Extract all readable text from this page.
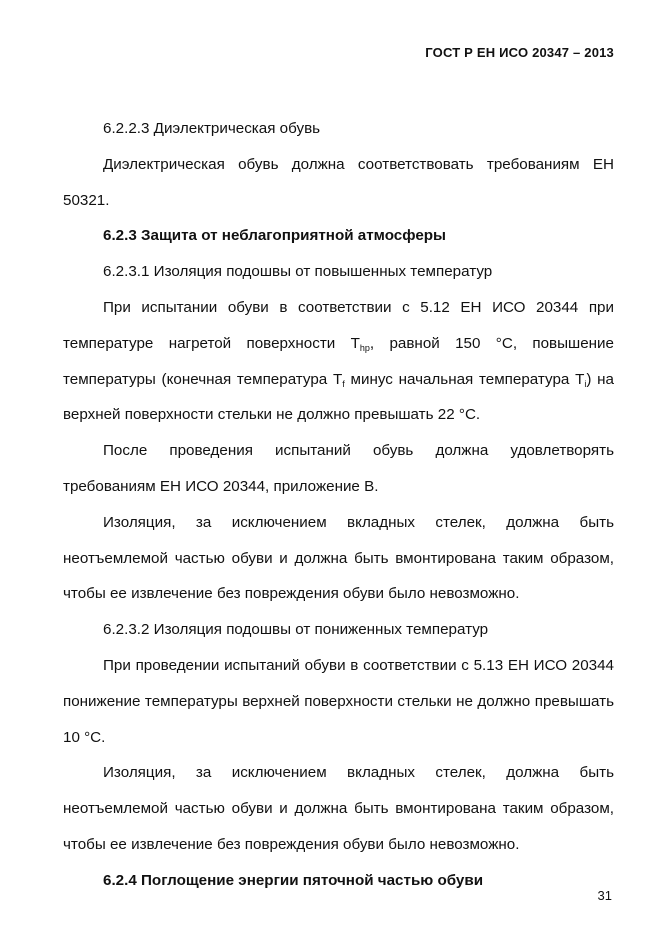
ГОСТ Р ЕН ИСО 20347 – 2013

6.2.2.3 Диэлектрическая обувь

Диэлектрическая обувь должна соответствовать требованиям ЕН 50321.

6.2.3 Защита от неблагоприятной атмосферы

6.2.3.1 Изоляция подошвы от повышенных температур

При испытании обуви в соответствии с 5.12 ЕН ИСО 20344 при температуре нагретой поверхности $T_{hp}$, равной 150 °С, повышение температуры (конечная температура $T_f$ минус начальная температура $T_i$) на верхней поверхности стельки не должно превышать 22 °С.

После проведения испытаний обувь должна удовлетворять требованиям ЕН ИСО 20344, приложение В.

Изоляция, за исключением вкладных стелек, должна быть неотъемлемой частью обуви и должна быть вмонтирована таким образом, чтобы ее извлечение без повреждения обуви было невозможно.

6.2.3.2 Изоляция подошвы от пониженных температур

При проведении испытаний обуви в соответствии с 5.13 ЕН ИСО 20344 понижение температуры верхней поверхности стельки не должно превышать 10 °С.

Изоляция, за исключением вкладных стелек, должна быть неотъемлемой частью обуви и должна быть вмонтирована таким образом, чтобы ее извлечение без повреждения обуви было невозможно.

6.2.4 Поглощение энергии пяточной частью обуви

31
